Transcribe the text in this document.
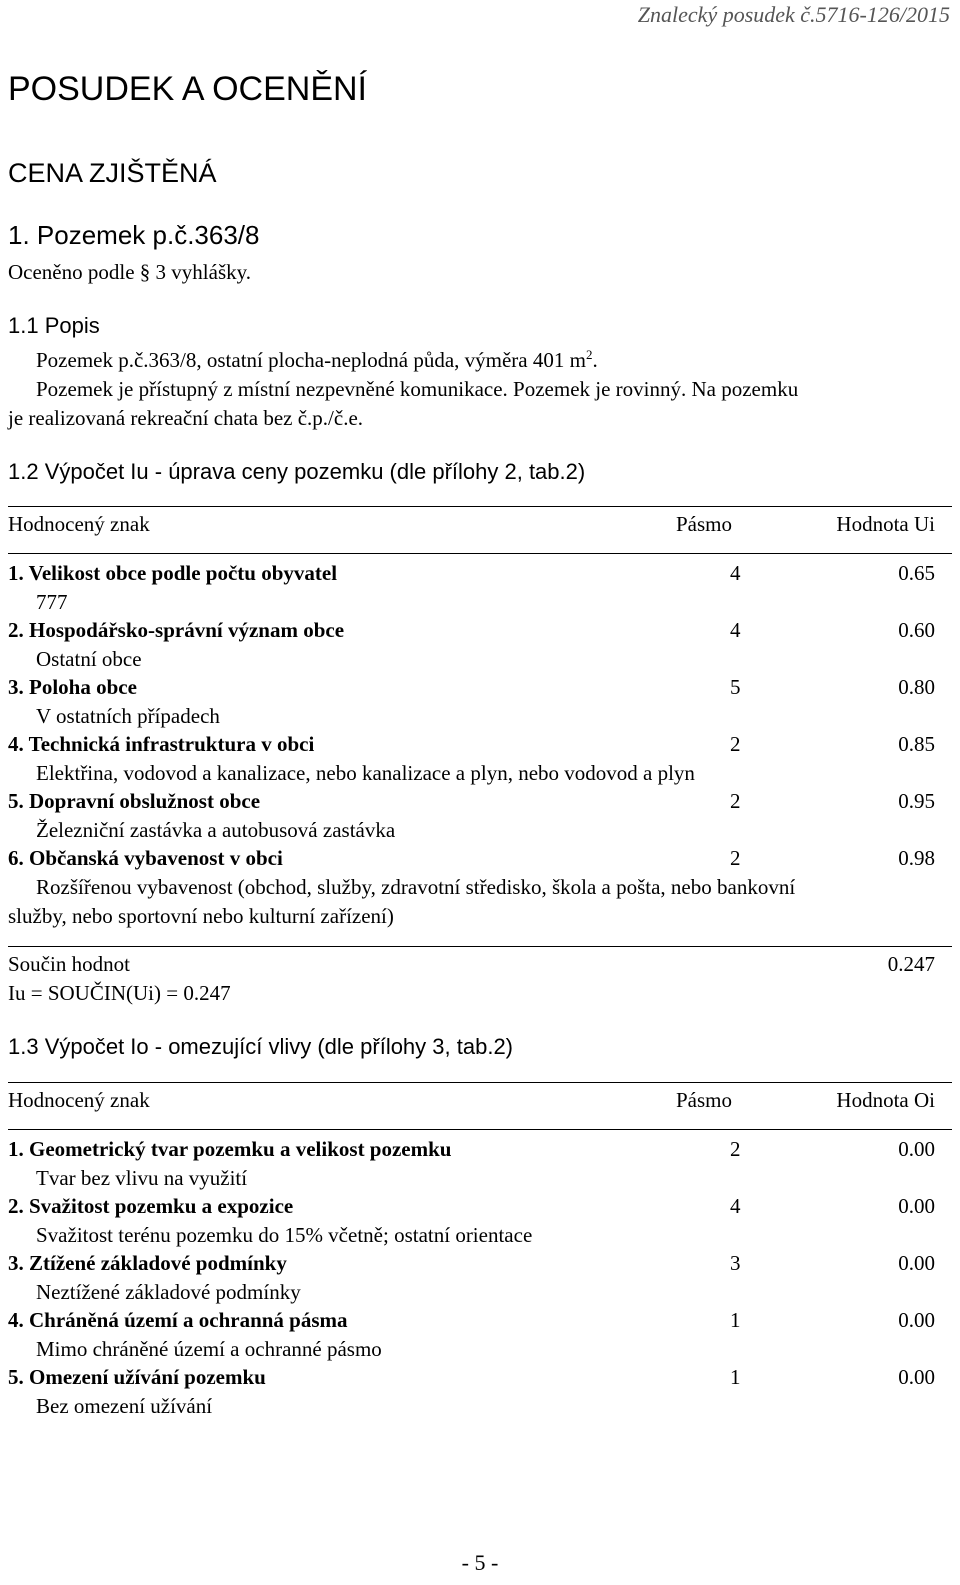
Znalecký posudek č.5716-126/2015
POSUDEK A OCENĚNÍ
CENA ZJIŠTĚNÁ
1. Pozemek p.č.363/8
Oceněno podle § 3 vyhlášky.
1.1 Popis
Pozemek p.č.363/8, ostatní plocha-neplodná půda, výměra 401 $m^2$.
Pozemek je přístupný z místní nezpevněné komunikace. Pozemek je rovinný. Na pozemku
je realizovaná rekreační chata bez č.p./č.e.
1.2 Výpočet Iu - úprava ceny pozemku (dle přílohy 2, tab.2)
Hodnocený znak	Pásmo	Hodnota Ui
1. Velikost obce podle počtu obyvatel	4	0.65
777
2. Hospodářsko-správní význam obce	4	0.60
Ostatní obce
3. Poloha obce	5	0.80
V ostatních případech
4. Technická infrastruktura v obci	2	0.85
Elektřina, vodovod a kanalizace, nebo kanalizace a plyn, nebo vodovod a plyn
5. Dopravní obslužnost obce	2	0.95
Železniční zastávka a autobusová zastávka
6. Občanská vybavenost v obci	2	0.98
Rozšířenou vybavenost (obchod, služby, zdravotní středisko, škola a pošta, nebo bankovní
služby, nebo sportovní nebo kulturní zařízení)
Součin hodnot	0.247
Iu = SOUČIN(Ui) = 0.247
1.3 Výpočet Io - omezující vlivy (dle přílohy 3, tab.2)
Hodnocený znak	Pásmo	Hodnota Oi
1. Geometrický tvar pozemku a velikost pozemku	2	0.00
Tvar bez vlivu na využití
2. Svažitost pozemku a expozice	4	0.00
Svažitost terénu pozemku do 15% včetně; ostatní orientace
3. Ztížené základové podmínky	3	0.00
Neztížené základové podmínky
4. Chráněná území a ochranná pásma	1	0.00
Mimo chráněné území a ochranné pásmo
5. Omezení užívání pozemku	1	0.00
Bez omezení užívání
- 5 -
